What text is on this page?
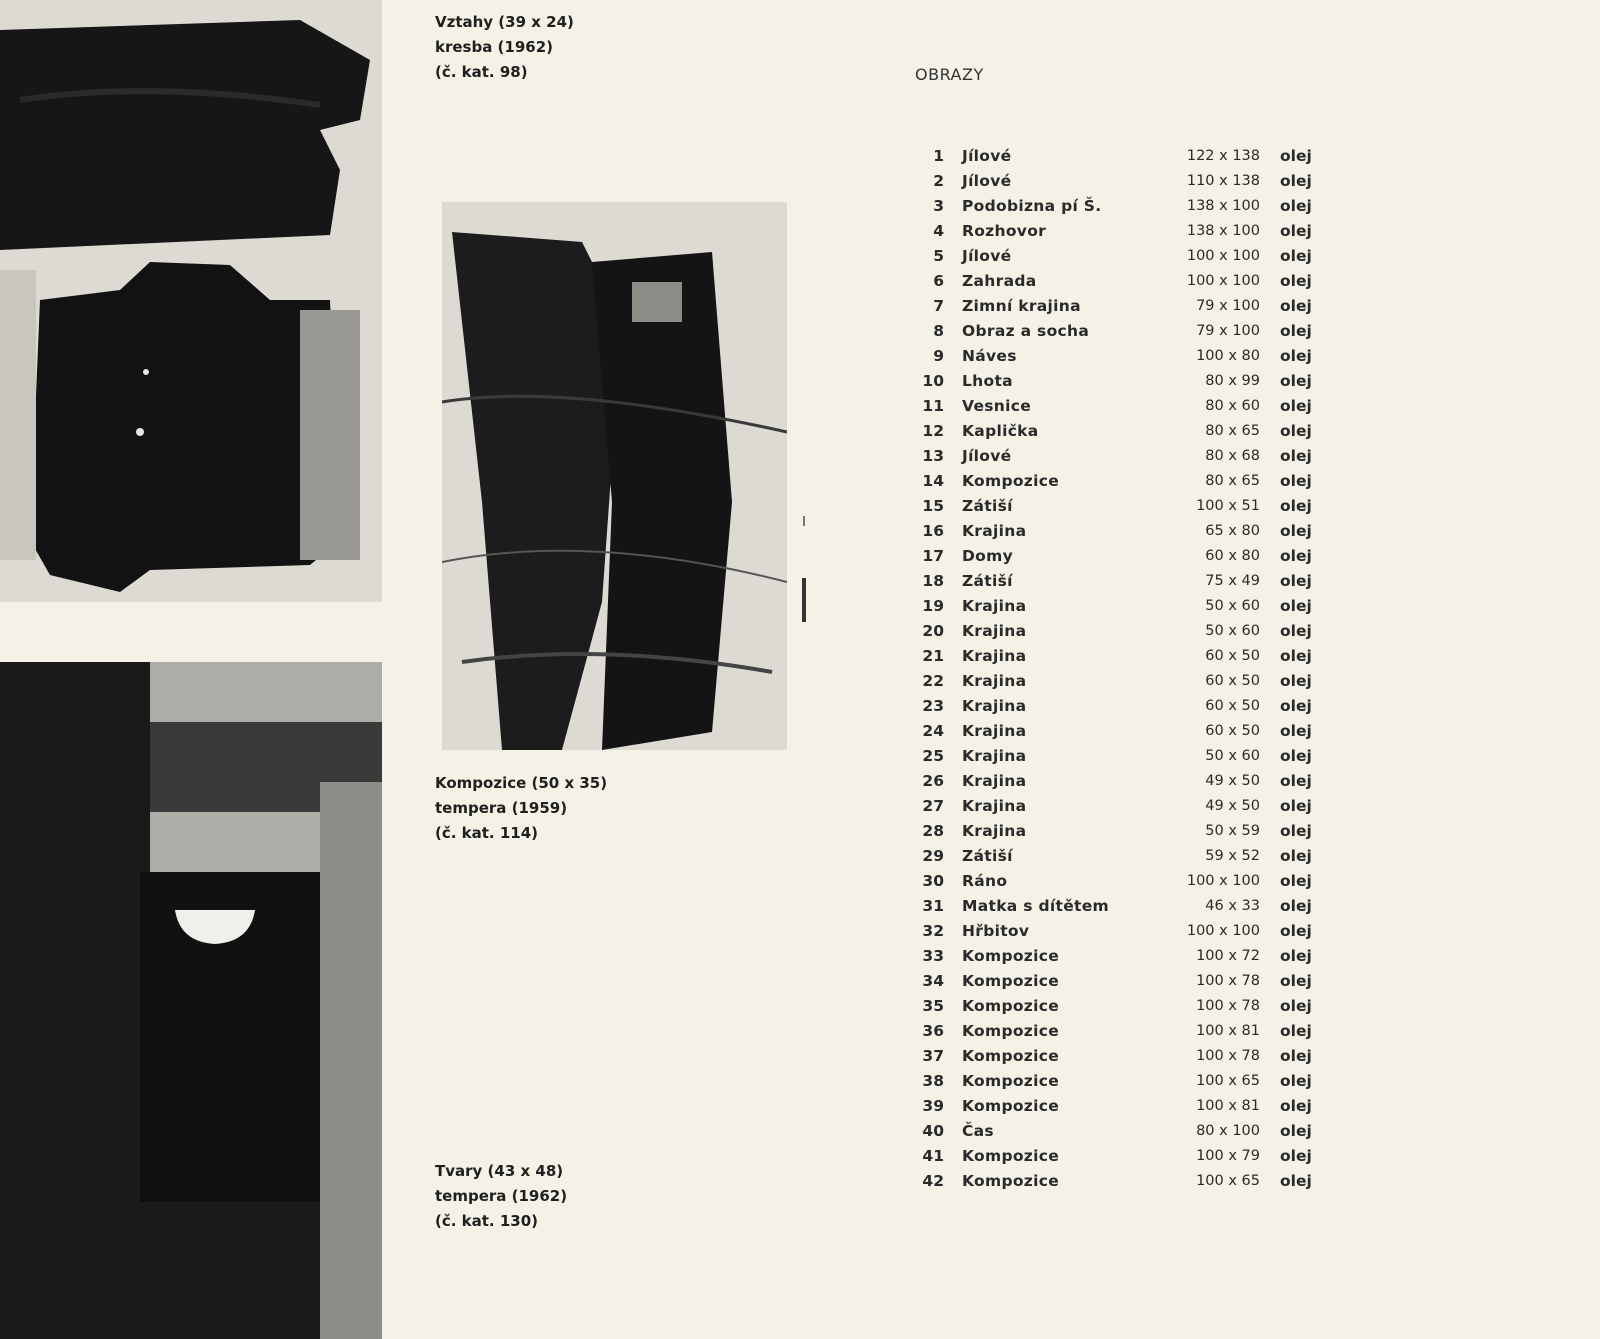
Vztahy (39 x 24)
kresba (1962)
(č. kat. 98)
Kompozice (50 x 35)
tempera (1959)
(č. kat. 114)
Tvary (43 x 48)
tempera (1962)
(č. kat. 130)
OBRAZY
1 Jílové	122 x 138 olej
2 Jílové	110 x 138 olej
3 Podobizna pí Š.	138 x 100 olej
4 Rozhovor	138 x 100 olej
5 Jílové	100 x 100 olej
6 Zahrada	100 x 100 olej
7 Zimní krajina	79 x 100 olej
8 Obraz a socha	79 x 100 olej
9 Náves	100 x 80 olej
10 Lhota	80 x 99 olej
11 Vesnice	80 x 60 olej
12 Kaplička	80 x 65 olej
13 Jílové	80 x 68 olej
14 Kompozice	80 x 65 olej
15 Zátiší	100 x 51 olej
16 Krajina	65 x 80 olej
17 Domy	60 x 80 olej
18 Zátiší	75 x 49 olej
19 Krajina	50 x 60 olej
20 Krajina	50 x 60 olej
21 Krajina	60 x 50 olej
22 Krajina	60 x 50 olej
23 Krajina	60 x 50 olej
24 Krajina	60 x 50 olej
25 Krajina	50 x 60 olej
26 Krajina	49 x 50 olej
27 Krajina	49 x 50 olej
28 Krajina	50 x 59 olej
29 Zátiší	59 x 52 olej
30 Ráno	100 x 100 olej
31 Matka s dítětem	46 x 33 olej
32 Hřbitov	100 x 100 olej
33 Kompozice	100 x 72 olej
34 Kompozice	100 x 78 olej
35 Kompozice	100 x 78 olej
36 Kompozice	100 x 81 olej
37 Kompozice	100 x 78 olej
38 Kompozice	100 x 65 olej
39 Kompozice	100 x 81 olej
40 Čas	80 x 100 olej
41 Kompozice	100 x 79 olej
42 Kompozice	100 x 65 olej
